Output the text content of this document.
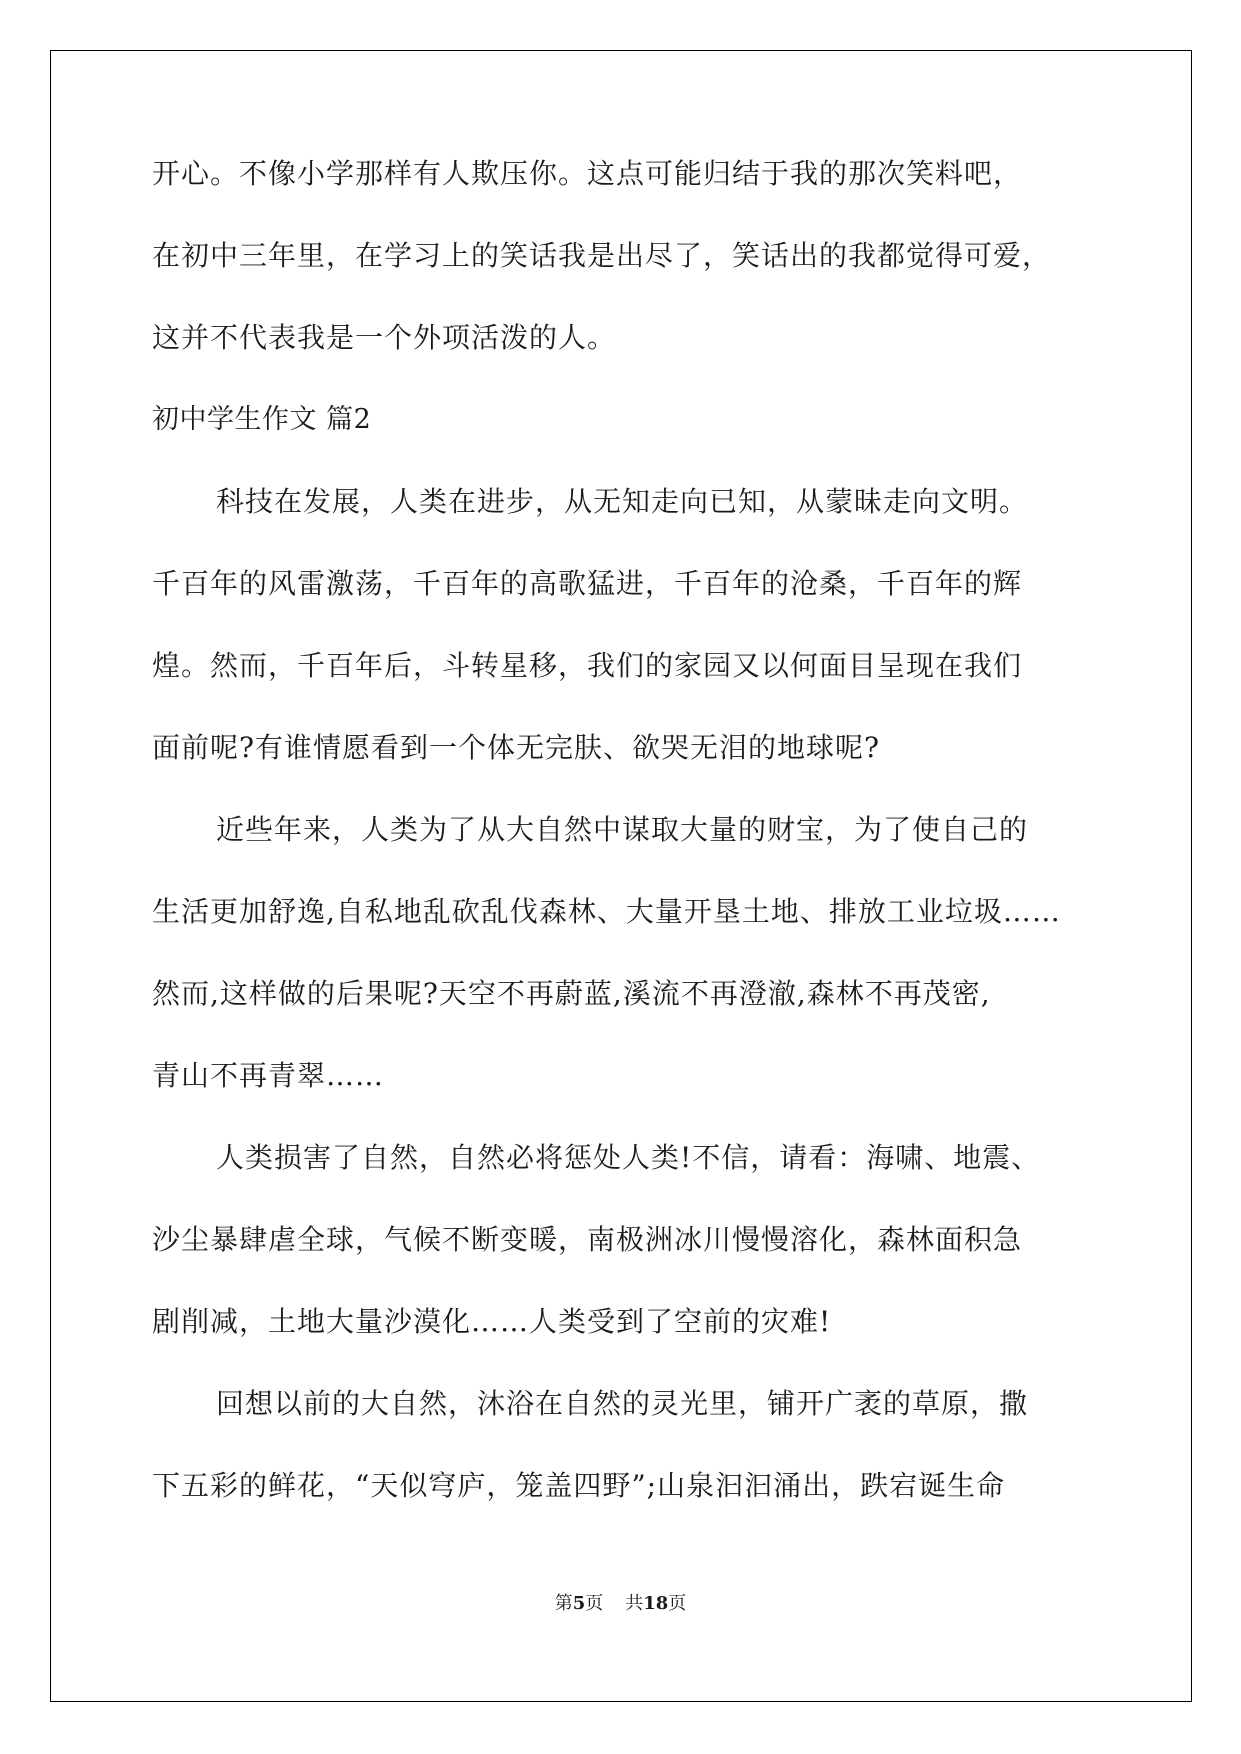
开心。不像小学那样有人欺压你。这点可能归结于我的那次笑料吧，
在初中三年里，在学习上的笑话我是出尽了，笑话出的我都觉得可爱，
这并不代表我是一个外项活泼的人。
初中学生作文 篇2
科技在发展，人类在进步，从无知走向已知，从蒙昧走向文明。
千百年的风雷激荡，千百年的高歌猛进，千百年的沧桑，千百年的辉
煌。然而，千百年后，斗转星移，我们的家园又以何面目呈现在我们
面前呢?有谁情愿看到一个体无完肤、欲哭无泪的地球呢?
近些年来，人类为了从大自然中谋取大量的财宝，为了使自己的
生活更加舒逸,自私地乱砍乱伐森林、大量开垦土地、排放工业垃圾……
然而,这样做的后果呢?天空不再蔚蓝,溪流不再澄澈,森林不再茂密,
青山不再青翠……
人类损害了自然，自然必将惩处人类!不信，请看：海啸、地震、
沙尘暴肆虐全球，气候不断变暖，南极洲冰川慢慢溶化，森林面积急
剧削减，土地大量沙漠化……人类受到了空前的灾难!
回想以前的大自然，沐浴在自然的灵光里，铺开广袤的草原，撒
下五彩的鲜花，“天似穹庐，笼盖四野”;山泉汩汩涌出，跌宕诞生命
第5页 共18页
